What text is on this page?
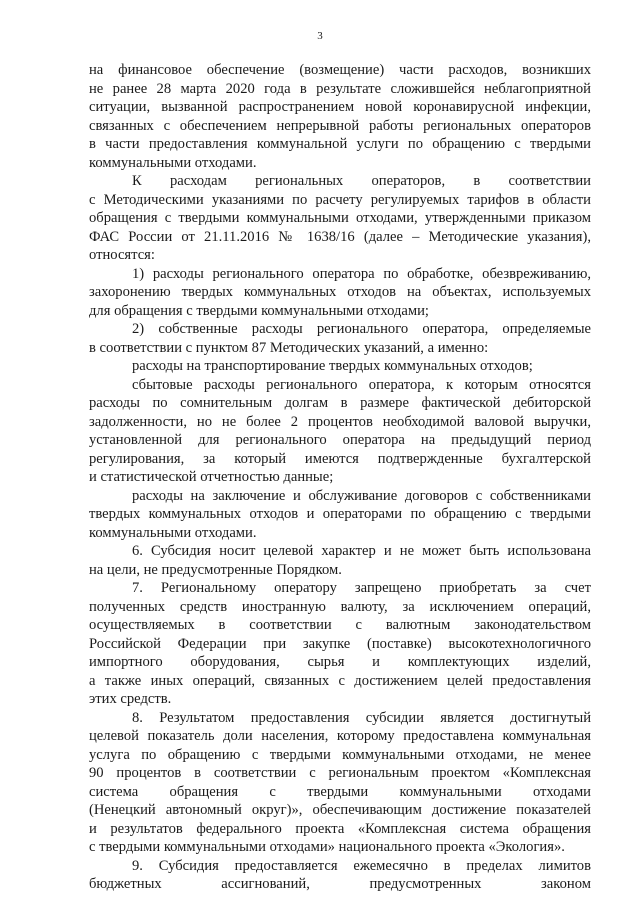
3
на финансовое обеспечение (возмещение) части расходов, возникших
не ранее 28 марта 2020 года в результате сложившейся неблагоприятной
ситуации, вызванной распространением новой коронавирусной инфекции,
связанных с обеспечением непрерывной работы региональных операторов
в части предоставления коммунальной услуги по обращению с твердыми
коммунальными отходами.
К расходам региональных операторов, в соответствии
с Методическими указаниями по расчету регулируемых тарифов в области
обращения с твердыми коммунальными отходами, утвержденными приказом
ФАС России от 21.11.2016 № 1638/16 (далее – Методические указания),
относятся:
1) расходы регионального оператора по обработке, обезвреживанию,
захоронению твердых коммунальных отходов на объектах, используемых
для обращения с твердыми коммунальными отходами;
2) собственные расходы регионального оператора, определяемые
в соответствии с пунктом 87 Методических указаний, а именно:
расходы на транспортирование твердых коммунальных отходов;
сбытовые расходы регионального оператора, к которым относятся
расходы по сомнительным долгам в размере фактической дебиторской
задолженности, но не более 2 процентов необходимой валовой выручки,
установленной для регионального оператора на предыдущий период
регулирования, за который имеются подтвержденные бухгалтерской
и статистической отчетностью данные;
расходы на заключение и обслуживание договоров с собственниками
твердых коммунальных отходов и операторами по обращению с твердыми
коммунальными отходами.
6. Субсидия носит целевой характер и не может быть использована
на цели, не предусмотренные Порядком.
7. Региональному оператору запрещено приобретать за счет
полученных средств иностранную валюту, за исключением операций,
осуществляемых в соответствии с валютным законодательством
Российской Федерации при закупке (поставке) высокотехнологичного
импортного оборудования, сырья и комплектующих изделий,
а также иных операций, связанных с достижением целей предоставления
этих средств.
8. Результатом предоставления субсидии является достигнутый
целевой показатель доли населения, которому предоставлена коммунальная
услуга по обращению с твердыми коммунальными отходами, не менее
90 процентов в соответствии с региональным проектом «Комплексная
система обращения с твердыми коммунальными отходами
(Ненецкий автономный округ)», обеспечивающим достижение показателей
и результатов федерального проекта «Комплексная система обращения
с твердыми коммунальными отходами» национального проекта «Экология».
9. Субсидия предоставляется ежемесячно в пределах лимитов
бюджетных ассигнований, предусмотренных законом
